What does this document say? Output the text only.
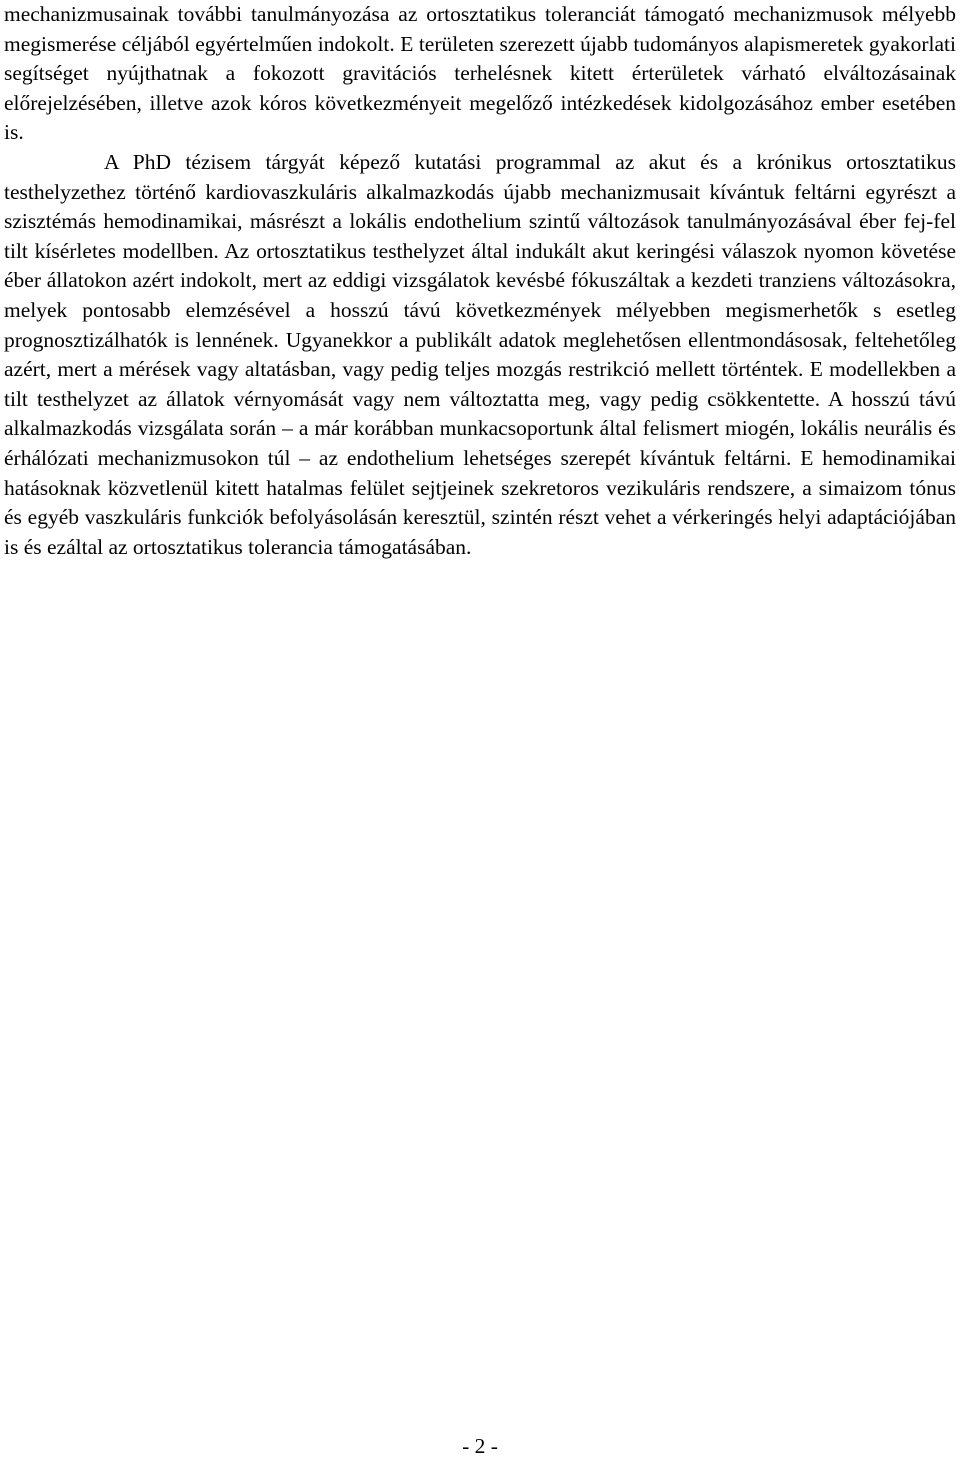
mechanizmusainak további tanulmányozása az ortosztatikus toleranciát támogató mechanizmusok mélyebb megismerése céljából egyértelműen indokolt. E területen szerezett újabb tudományos alapismeretek gyakorlati segítséget nyújthatnak a fokozott gravitációs terhelésnek kitett érterületek várható elváltozásainak előrejelzésében, illetve azok kóros következményeit megelőző intézkedések kidolgozásához ember esetében is.

A PhD tézisem tárgyát képező kutatási programmal az akut és a krónikus ortosztatikus testhelyzethez történő kardiovaszkuláris alkalmazkodás újabb mechanizmusait kívántuk feltárni egyrészt a szisztémás hemodinamikai, másrészt a lokális endothelium szintű változások tanulmányozásával éber fej-fel tilt kísérletes modellben. Az ortosztatikus testhelyzet által indukált akut keringési válaszok nyomon követése éber állatokon azért indokolt, mert az eddigi vizsgálatok kevésbé fókuszáltak a kezdeti tranziens változásokra, melyek pontosabb elemzésével a hosszú távú következmények mélyebben megismerhetők s esetleg prognosztizálhatók is lennének. Ugyanekkor a publikált adatok meglehetősen ellentmondásosak, feltehetőleg azért, mert a mérések vagy altatásban, vagy pedig teljes mozgás restrikció mellett történtek. E modellekben a tilt testhelyzet az állatok vérnyomását vagy nem változtatta meg, vagy pedig csökkentette. A hosszú távú alkalmazkodás vizsgálata során – a már korábban munkacsoportunk által felismert miogén, lokális neurális és érhálózati mechanizmusokon túl – az endothelium lehetséges szerepét kívántuk feltárni. E hemodinamikai hatásoknak közvetlenül kitett hatalmas felület sejtjeinek szekretoros vezikuláris rendszere, a simaizom tónus és egyéb vaszkuláris funkciók befolyásolásán keresztül, szintén részt vehet a vérkeringés helyi adaptációjában is és ezáltal az ortosztatikus tolerancia támogatásában.

- 2 -
